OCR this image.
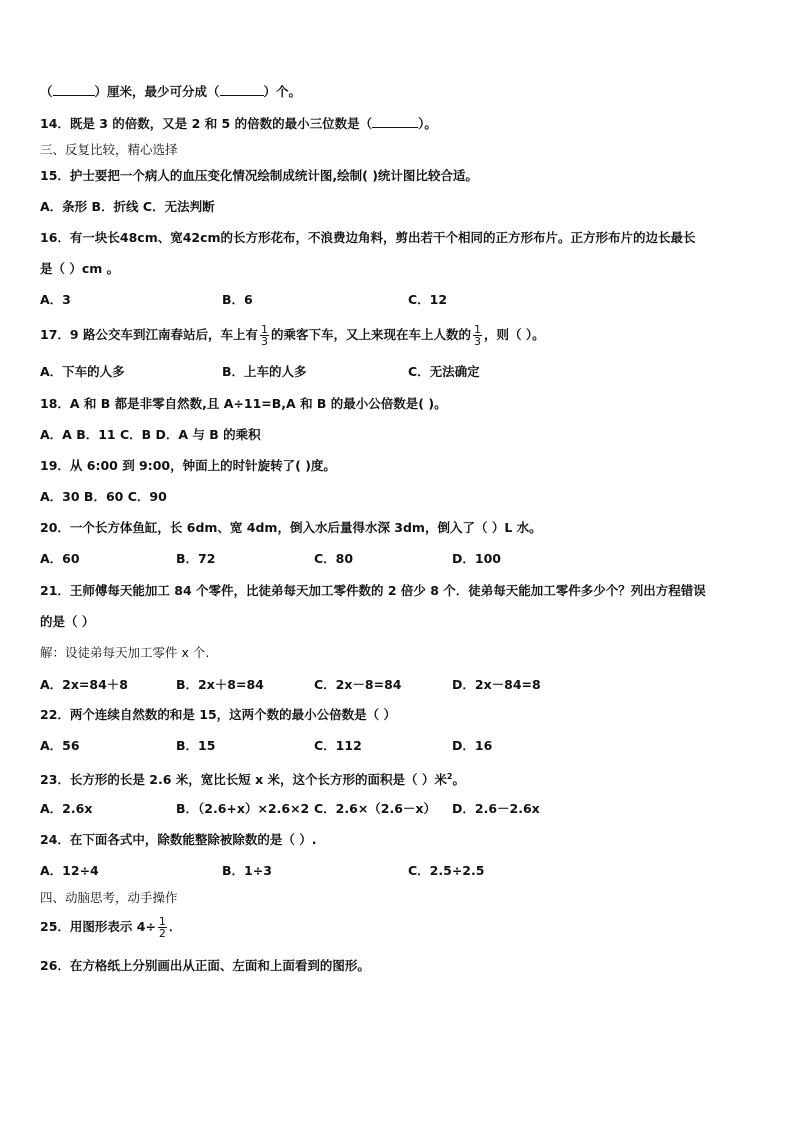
（	）厘米，最少可分成（	）个。
14．既是 3 的倍数，又是 2 和 5 的倍数的最小三位数是（	）。
三、反复比较，精心选择
15．护士要把一个病人的血压变化情况绘制成统计图,绘制( )统计图比较合适。
A．条形 B．折线 C．无法判断
16．有一块长48cm、宽42cm的长方形花布，不浪费边角料，剪出若干个相同的正方形布片。正方形布片的边长最长
是（ ）cm 。
A．3	B．6	C．12
17．9 路公交车到江南春站后，车上有 $\frac{1}{3}$ 的乘客下车，又上来现在车上人数的 $\frac{1}{3}$ ，则（ ）。
A．下车的人多	B．上车的人多	C．无法确定
18．A 和 B 都是非零自然数,且 A÷11=B,A 和 B 的最小公倍数是( )。
A．A B．11 C．B D．A 与 B 的乘积
19．从 6:00 到 9:00，钟面上的时针旋转了( )度。
A．30 B．60 C．90
20．一个长方体鱼缸，长 6dm、宽 4dm，倒入水后量得水深 3dm，倒入了（ ）L 水。
A．60	B．72	C．80	D．100
21．王师傅每天能加工 84 个零件，比徒弟每天加工零件数的 2 倍少 8 个．徒弟每天能加工零件多少个？列出方程错误
的是（ ）
解：设徒弟每天加工零件 x 个.
A．2x=84＋8	B．2x＋8=84	C．2x－8=84	D．2x－84=8
22．两个连续自然数的和是 15，这两个数的最小公倍数是（ ）
A．56	B．15	C．112	D．16
23．长方形的长是 2.6 米，宽比长短 x 米，这个长方形的面积是（ ）米$^2$。
A．2.6x	B．（2.6+x）×2.6×2 C．2.6×（2.6－x） D．2.6－2.6x
24．在下面各式中，除数能整除被除数的是（ ）.
A．12÷4	B．1÷3	C．2.5÷2.5
四、动脑思考，动手操作
25．用图形表示 $4\div \frac{1}{2}$ ．
26．在方格纸上分别画出从正面、左面和上面看到的图形。
